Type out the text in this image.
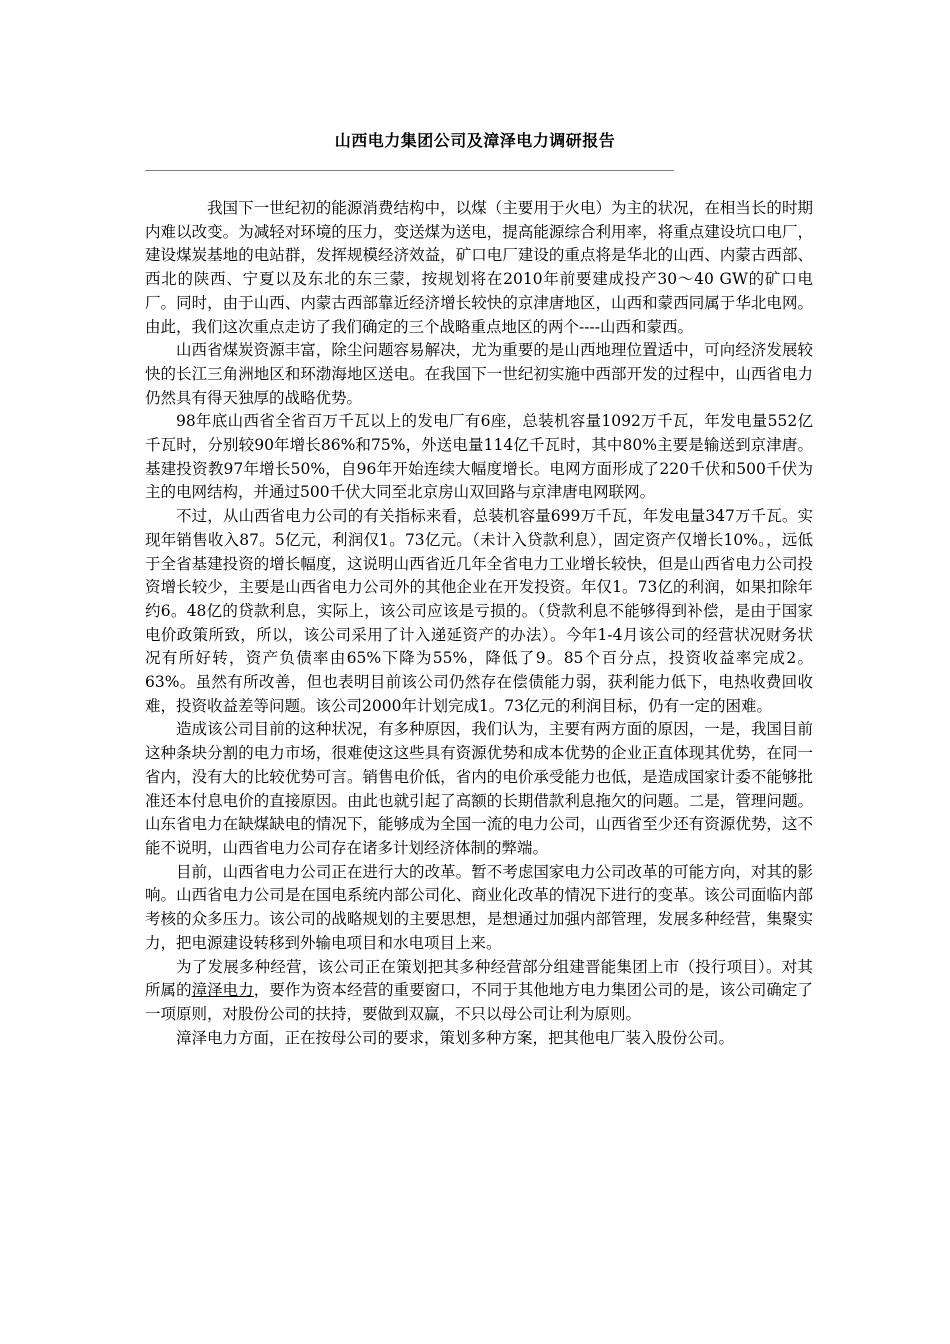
山西电力集团公司及漳泽电力调研报告

我国下一世纪初的能源消费结构中，以煤（主要用于火电）为主的状况，在相当长的时期内难以改变。为减轻对环境的压力，变送煤为送电，提高能源综合利用率，将重点建设坑口电厂，建设煤炭基地的电站群，发挥规模经济效益，矿口电厂建设的重点将是华北的山西、内蒙古西部、西北的陕西、宁夏以及东北的东三蒙，按规划将在2010年前要建成投产30～40 GW的矿口电厂。同时，由于山西、内蒙古西部靠近经济增长较快的京津唐地区，山西和蒙西同属于华北电网。由此，我们这次重点走访了我们确定的三个战略重点地区的两个----山西和蒙西。

山西省煤炭资源丰富，除尘问题容易解决，尤为重要的是山西地理位置适中，可向经济发展较快的长江三角洲地区和环渤海地区送电。在我国下一世纪初实施中西部开发的过程中，山西省电力仍然具有得天独厚的战略优势。

98年底山西省全省百万千瓦以上的发电厂有6座，总装机容量1092万千瓦，年发电量552亿千瓦时，分别较90年增长86%和75%，外送电量114亿千瓦时，其中80%主要是输送到京津唐。基建投资教97年增长50%，自96年开始连续大幅度增长。电网方面形成了220千伏和500千伏为主的电网结构，并通过500千伏大同至北京房山双回路与京津唐电网联网。

不过，从山西省电力公司的有关指标来看，总装机容量699万千瓦，年发电量347万千瓦。实现年销售收入87。5亿元，利润仅1。73亿元。（未计入贷款利息），固定资产仅增长10%。，远低于全省基建投资的增长幅度，这说明山西省近几年全省电力工业增长较快，但是山西省电力公司投资增长较少，主要是山西省电力公司外的其他企业在开发投资。年仅1。73亿的利润，如果扣除年约6。48亿的贷款利息，实际上，该公司应该是亏损的。（贷款利息不能够得到补偿，是由于国家电价政策所致，所以，该公司采用了计入递延资产的办法）。今年1-4月该公司的经营状况财务状况有所好转，资产负债率由65%下降为55%，降低了9。85个百分点，投资收益率完成2。63%。虽然有所改善，但也表明目前该公司仍然存在偿债能力弱，获利能力低下，电热收费回收难，投资收益差等问题。该公司2000年计划完成1。73亿元的利润目标，仍有一定的困难。

造成该公司目前的这种状况，有多种原因，我们认为，主要有两方面的原因，一是，我国目前这种条块分割的电力市场，很难使这这些具有资源优势和成本优势的企业正直体现其优势，在同一省内，没有大的比较优势可言。销售电价低，省内的电价承受能力也低，是造成国家计委不能够批准还本付息电价的直接原因。由此也就引起了高额的长期借款利息拖欠的问题。二是，管理问题。山东省电力在缺煤缺电的情况下，能够成为全国一流的电力公司，山西省至少还有资源优势，这不能不说明，山西省电力公司存在诸多计划经济体制的弊端。

目前，山西省电力公司正在进行大的改革。暂不考虑国家电力公司改革的可能方向，对其的影响。山西省电力公司是在国电系统内部公司化、商业化改革的情况下进行的变革。该公司面临内部考核的众多压力。该公司的战略规划的主要思想，是想通过加强内部管理，发展多种经营，集聚实力，把电源建设转移到外输电项目和水电项目上来。

为了发展多种经营，该公司正在策划把其多种经营部分组建晋能集团上市（投行项目）。对其所属的漳泽电力，要作为资本经营的重要窗口，不同于其他地方电力集团公司的是，该公司确定了一项原则，对股份公司的扶持，要做到双赢，不只以母公司让利为原则。

漳泽电力方面，正在按母公司的要求，策划多种方案，把其他电厂装入股份公司。
